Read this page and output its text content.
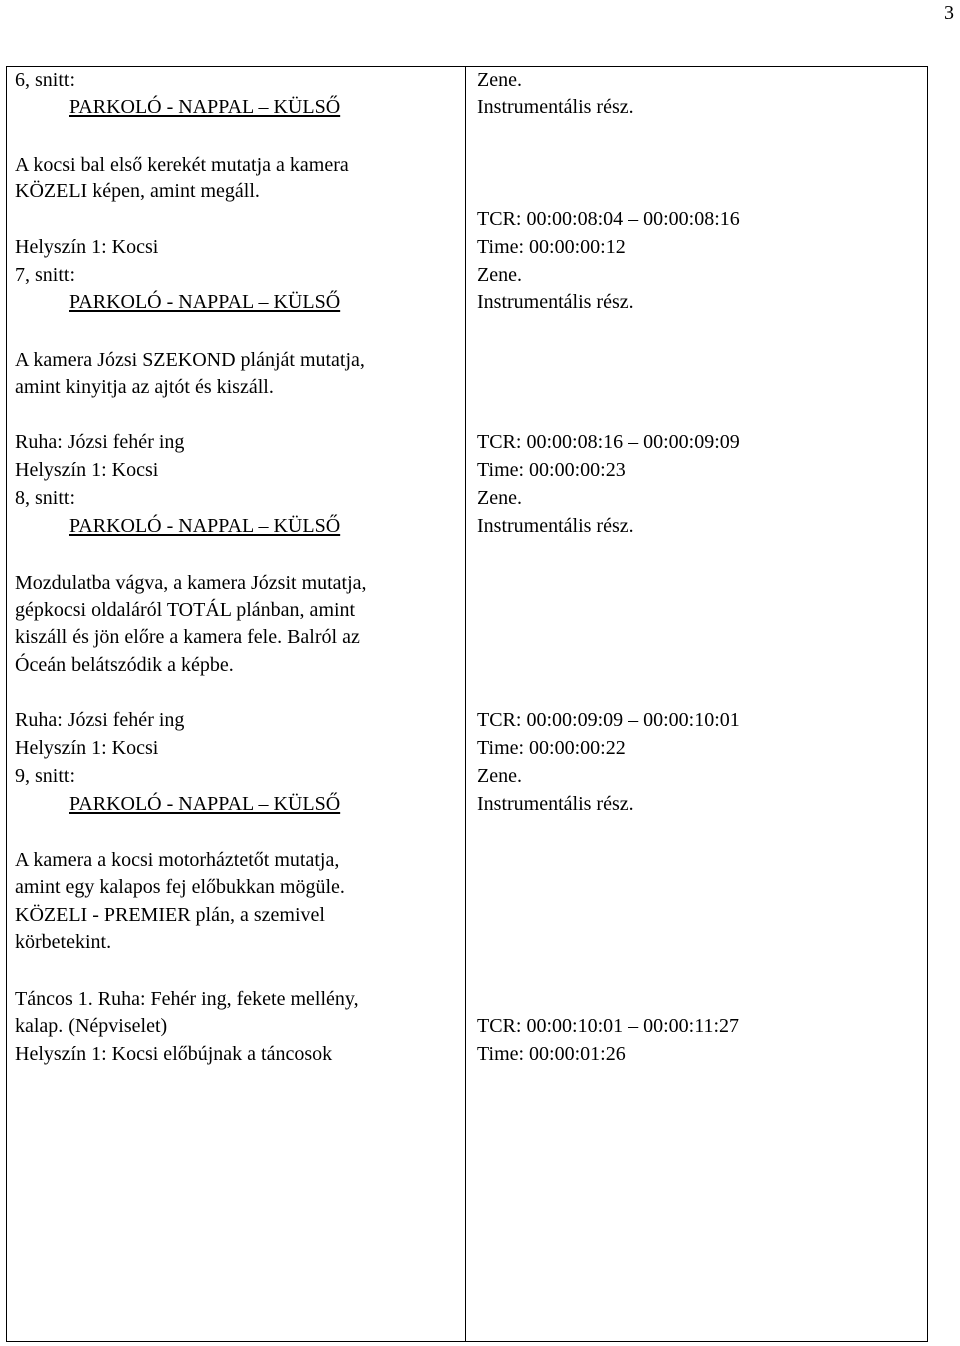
3
6, snitt:
PARKOLÓ - NAPPAL – KÜLSŐ
A kocsi bal első kerekét mutatja a kamera
KÖZELI képen, amint megáll.
Helyszín 1: Kocsi
7, snitt:
PARKOLÓ - NAPPAL – KÜLSŐ
A kamera Józsi SZEKOND plánját mutatja,
amint kinyitja az ajtót és kiszáll.
Ruha: Józsi fehér ing
Helyszín 1: Kocsi
8, snitt:
PARKOLÓ - NAPPAL – KÜLSŐ
Mozdulatba vágva, a kamera Józsit mutatja,
gépkocsi oldaláról TOTÁL plánban, amint
kiszáll és jön előre a kamera fele. Balról az
Óceán belátszódik a képbe.
Ruha: Józsi fehér ing
Helyszín 1: Kocsi
9, snitt:
PARKOLÓ - NAPPAL – KÜLSŐ
A kamera a kocsi motorháztetőt mutatja,
amint egy kalapos fej előbukkan mögüle.
KÖZELI - PREMIER plán, a szemivel
körbetekint.
Táncos 1. Ruha: Fehér ing, fekete mellény,
kalap. (Népviselet)
Helyszín 1: Kocsi előbújnak a táncosok
Zene.
Instrumentális rész.
TCR: 00:00:08:04 – 00:00:08:16
Time: 00:00:00:12
Zene.
Instrumentális rész.
TCR: 00:00:08:16 – 00:00:09:09
Time: 00:00:00:23
Zene.
Instrumentális rész.
TCR: 00:00:09:09 – 00:00:10:01
Time: 00:00:00:22
Zene.
Instrumentális rész.
TCR: 00:00:10:01 – 00:00:11:27
Time: 00:00:01:26
